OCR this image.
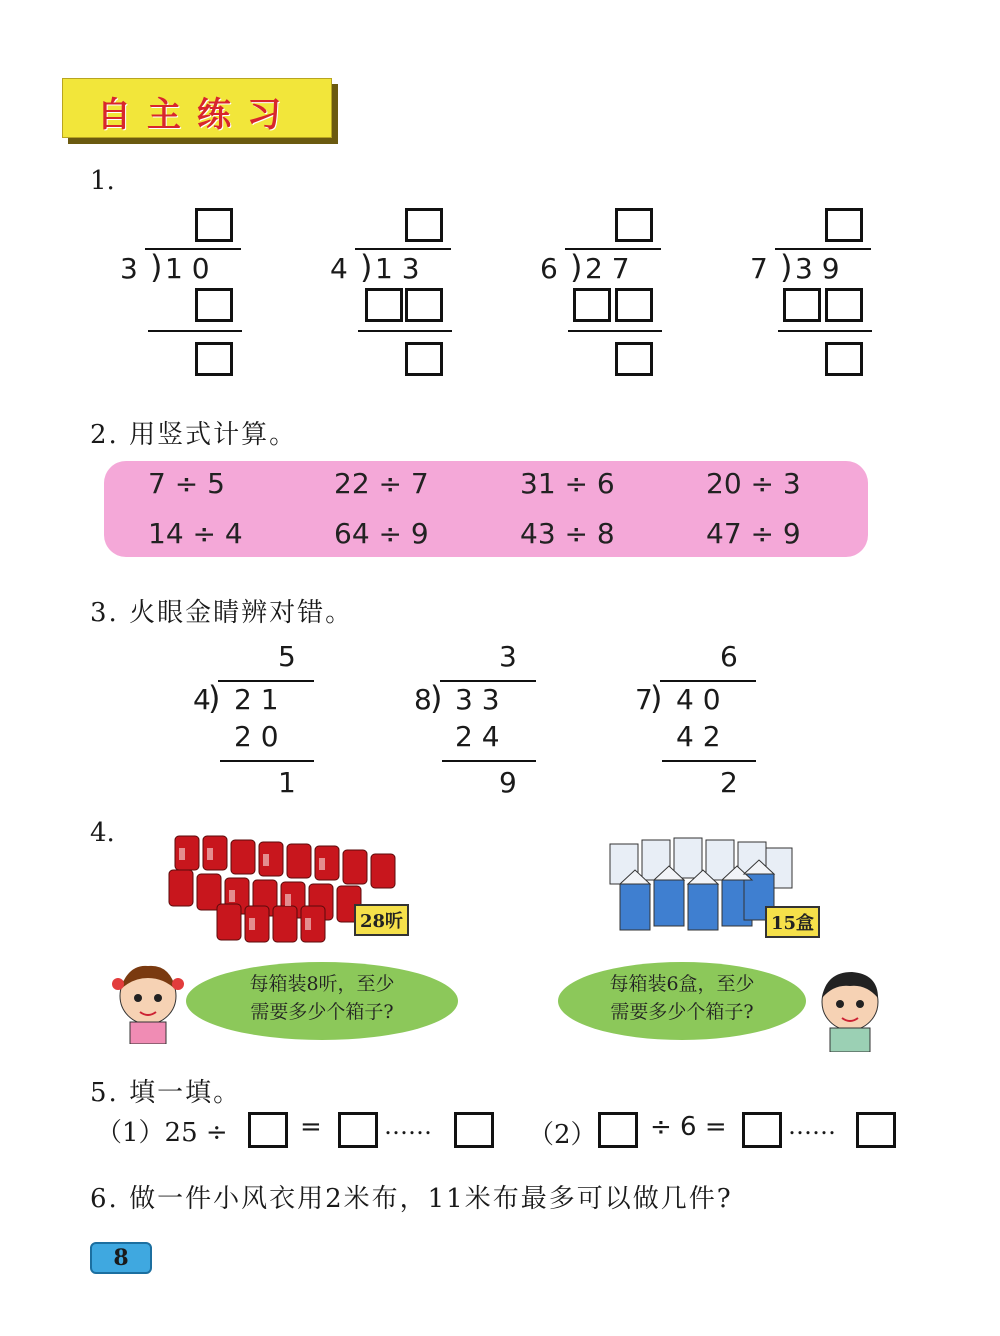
自主练习
1.
3 ) 1 0	4 ) 1 3	6 ) 2 7	7 ) 3 9
2. 用竖式计算。
7 ÷ 5	22 ÷ 7	31 ÷ 6	20 ÷ 3
14 ÷ 4	64 ÷ 9	43 ÷ 8	47 ÷ 9
3. 火眼金睛辨对错。
5
4
) 2 1
2 0
1
3
8
) 3 3
2 4
9
6
7
) 4 0
4 2
2
4.
28听	15盒
每箱装8听，至少
需要多少个箱子?
每箱装6盒，至少
需要多少个箱子?
5. 填一填。
（1）25 ÷	=	……	（2） ÷ 6 =	……
6. 做一件小风衣用2米布，11米布最多可以做几件?
8
